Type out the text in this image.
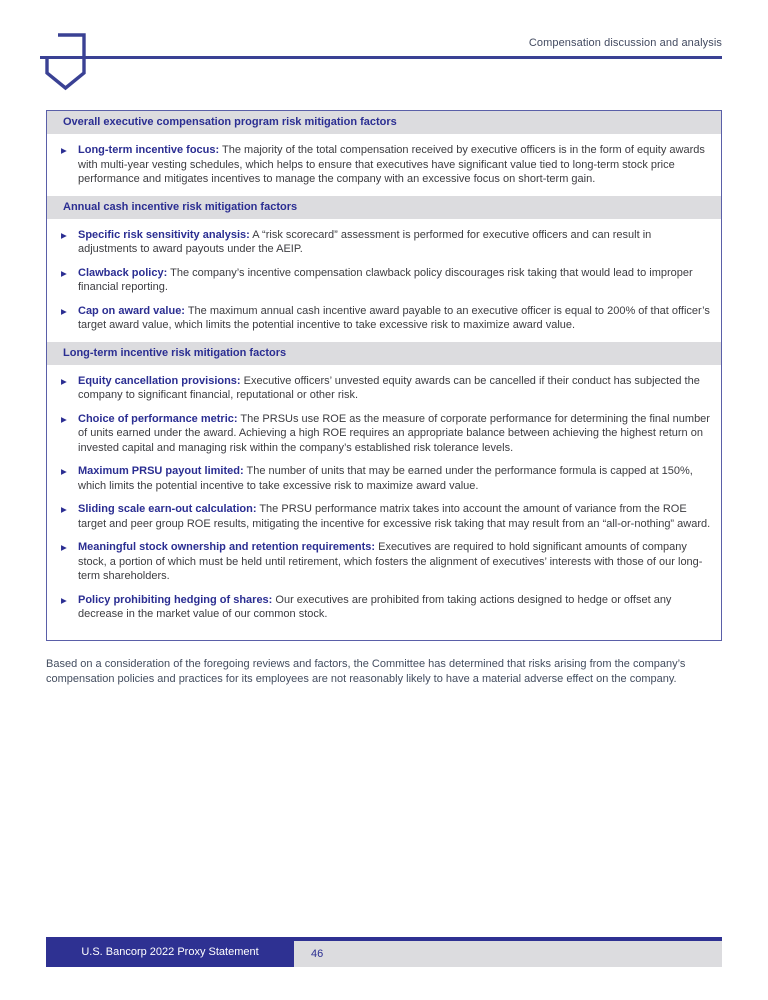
Compensation discussion and analysis
Overall executive compensation program risk mitigation factors
▶	Long-term incentive focus: The majority of the total compensation received by executive officers is in the form of equity awards with multi-year vesting schedules, which helps to ensure that executives have significant value tied to long-term stock price performance and mitigates incentives to manage the company with an excessive focus on short-term gain.
Annual cash incentive risk mitigation factors
▶	Specific risk sensitivity analysis: A “risk scorecard” assessment is performed for executive officers and can result in adjustments to award payouts under the AEIP.
▶	Clawback policy: The company’s incentive compensation clawback policy discourages risk taking that would lead to improper financial reporting.
▶	Cap on award value: The maximum annual cash incentive award payable to an executive officer is equal to 200% of that officer’s target award value, which limits the potential incentive to take excessive risk to maximize award value.
Long-term incentive risk mitigation factors
▶	Equity cancellation provisions: Executive officers’ unvested equity awards can be cancelled if their conduct has subjected the company to significant financial, reputational or other risk.
▶	Choice of performance metric: The PRSUs use ROE as the measure of corporate performance for determining the final number of units earned under the award. Achieving a high ROE requires an appropriate balance between achieving the highest return on invested capital and managing risk within the company’s established risk tolerance levels.
▶	Maximum PRSU payout limited: The number of units that may be earned under the performance formula is capped at 150%, which limits the potential incentive to take excessive risk to maximize award value.
▶	Sliding scale earn-out calculation: The PRSU performance matrix takes into account the amount of variance from the ROE target and peer group ROE results, mitigating the incentive for excessive risk taking that may result from an “all-or-nothing” award.
▶	Meaningful stock ownership and retention requirements: Executives are required to hold significant amounts of company stock, a portion of which must be held until retirement, which fosters the alignment of executives’ interests with those of our long-term shareholders.
▶	Policy prohibiting hedging of shares: Our executives are prohibited from taking actions designed to hedge or offset any decrease in the market value of our common stock.
Based on a consideration of the foregoing reviews and factors, the Committee has determined that risks arising from the company’s compensation policies and practices for its employees are not reasonably likely to have a material adverse effect on the company.
U.S. Bancorp 2022 Proxy Statement	46
